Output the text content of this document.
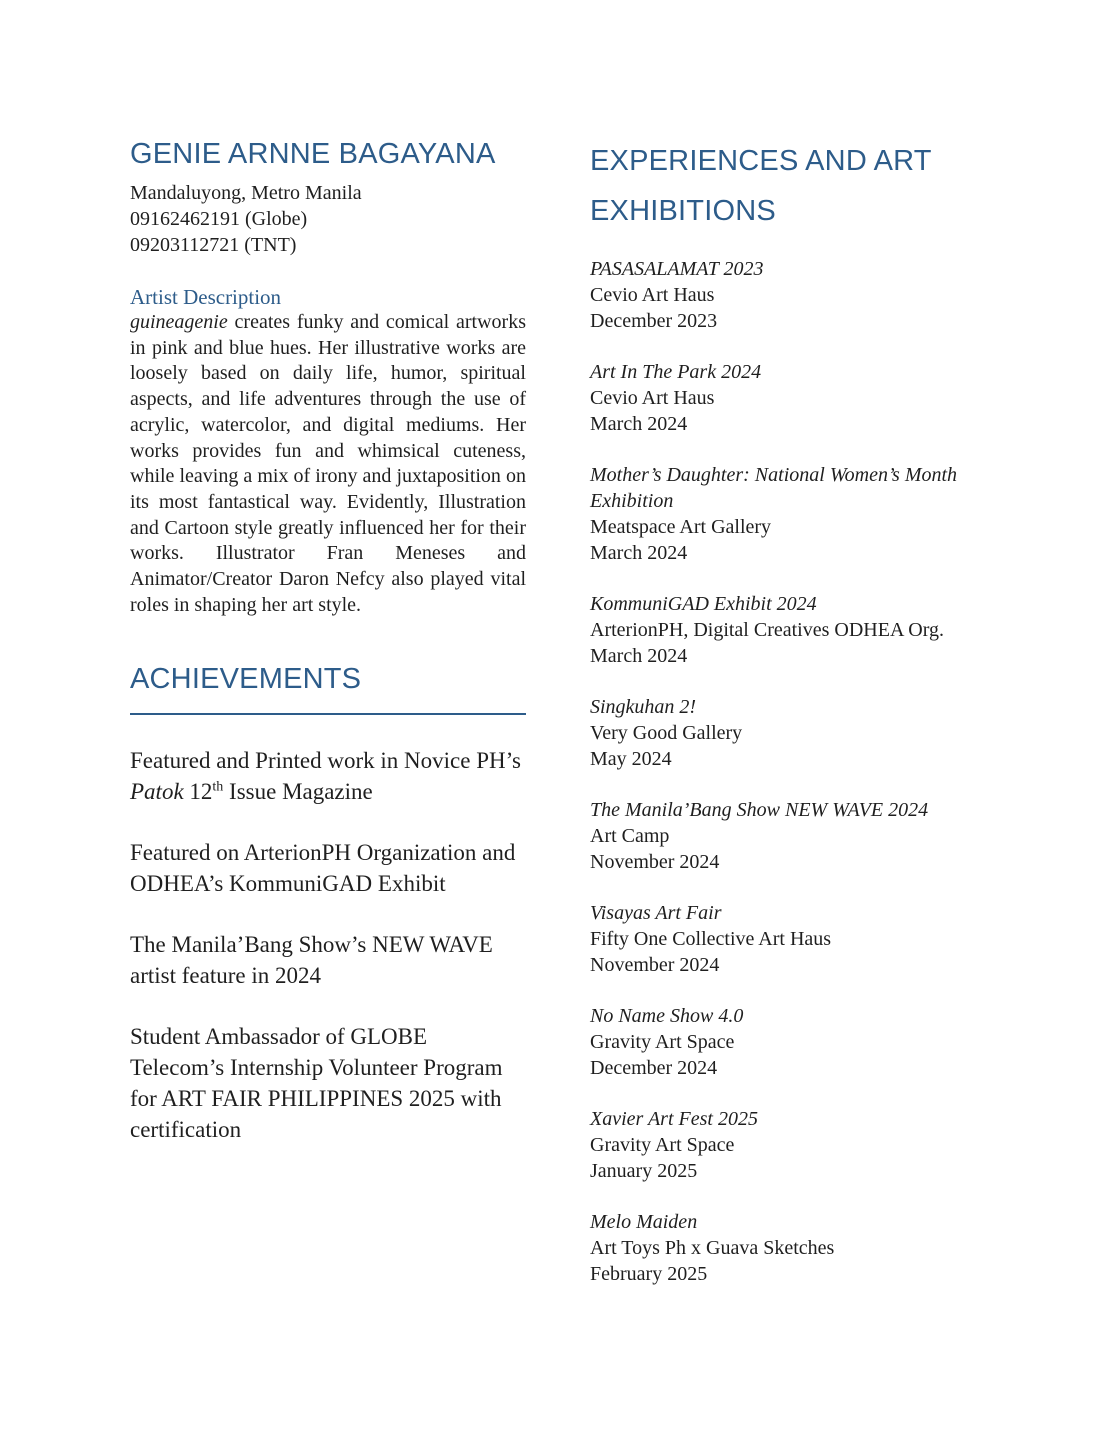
GENIE ARNNE BAGAYANA
Mandaluyong, Metro Manila
09162462191 (Globe)
09203112721 (TNT)
Artist Description

guineagenie creates funky and comical artworks in pink and blue hues. Her illustrative works are loosely based on daily life, humor, spiritual aspects, and life adventures through the use of acrylic, watercolor, and digital mediums. Her works provides fun and whimsical cuteness, while leaving a mix of irony and juxtaposition on its most fantastical way. Evidently, Illustration and Cartoon style greatly influenced her for their works. Illustrator Fran Meneses and Animator/Creator Daron Nefcy also played vital roles in shaping her art style.

ACHIEVEMENTS

Featured and Printed work in Novice PH’s Patok 12th Issue Magazine

Featured on ArterionPH Organization and ODHEA’s KommuniGAD Exhibit

The Manila’Bang Show’s NEW WAVE artist feature in 2024

Student Ambassador of GLOBE Telecom’s Internship Volunteer Program for ART FAIR PHILIPPINES 2025 with certification

EXPERIENCES AND ART EXHIBITIONS
PASASALAMAT 2023
Cevio Art Haus
December 2023
Art In The Park 2024
Cevio Art Haus
March 2024
Mother’s Daughter: National Women’s Month Exhibition
Meatspace Art Gallery
March 2024
KommuniGAD Exhibit 2024
ArterionPH, Digital Creatives ODHEA Org.
March 2024
Singkuhan 2!
Very Good Gallery
May 2024
The Manila’Bang Show NEW WAVE 2024
Art Camp
November 2024
Visayas Art Fair
Fifty One Collective Art Haus
November 2024
No Name Show 4.0
Gravity Art Space
December 2024
Xavier Art Fest 2025
Gravity Art Space
January 2025
Melo Maiden
Art Toys Ph x Guava Sketches
February 2025
